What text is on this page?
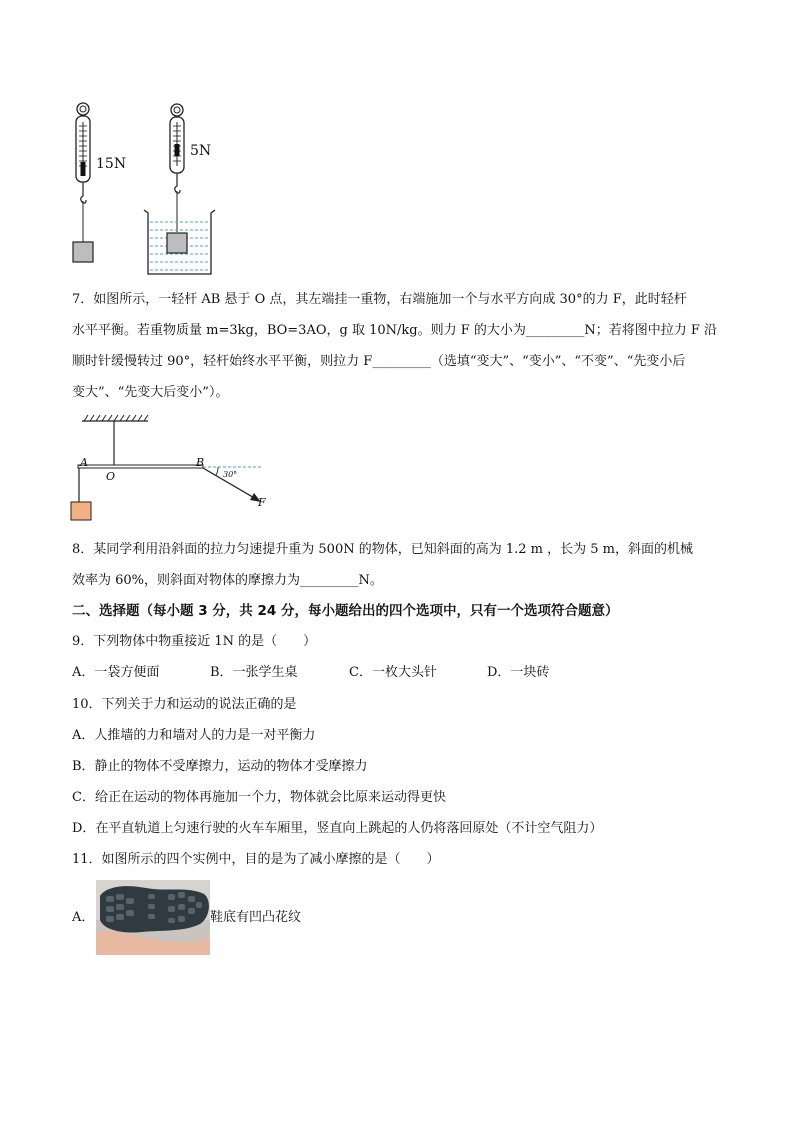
15N
5N
7．如图所示，一轻杆 AB 悬于 O 点，其左端挂一重物，右端施加一个与水平方向成 30°的力 F，此时轻杆
水平平衡。若重物质量 m=3kg，BO=3AO，g 取 10N/kg。则力 F 的大小为_________N；若将图中拉力 F 沿
顺时针缓慢转过 90°，轻杆始终水平平衡，则拉力 F_________（选填“变大”、“变小”、“不变”、“先变小后
变大”、“先变大后变小”）。
A
O
B
30°
F
8．某同学利用沿斜面的拉力匀速提升重为 500N 的物体，已知斜面的高为 1.2 m ，长为 5 m，斜面的机械
效率为 60%，则斜面对物体的摩擦力为_________N。
二、选择题（每小题 3 分，共 24 分，每小题给出的四个选项中，只有一个选项符合题意）
9．下列物体中物重接近 1N 的是（　　）
A．一袋方便面	B．一张学生桌	C．一枚大头针	D．一块砖
10．下列关于力和运动的说法正确的是
A．人推墙的力和墙对人的力是一对平衡力
B．静止的物体不受摩擦力，运动的物体才受摩擦力
C．给正在运动的物体再施加一个力，物体就会比原来运动得更快
D．在平直轨道上匀速行驶的火车车厢里，竖直向上跳起的人仍将落回原处（不计空气阻力）
11．如图所示的四个实例中，目的是为了减小摩擦的是（　　）
A．	鞋底有凹凸花纹
